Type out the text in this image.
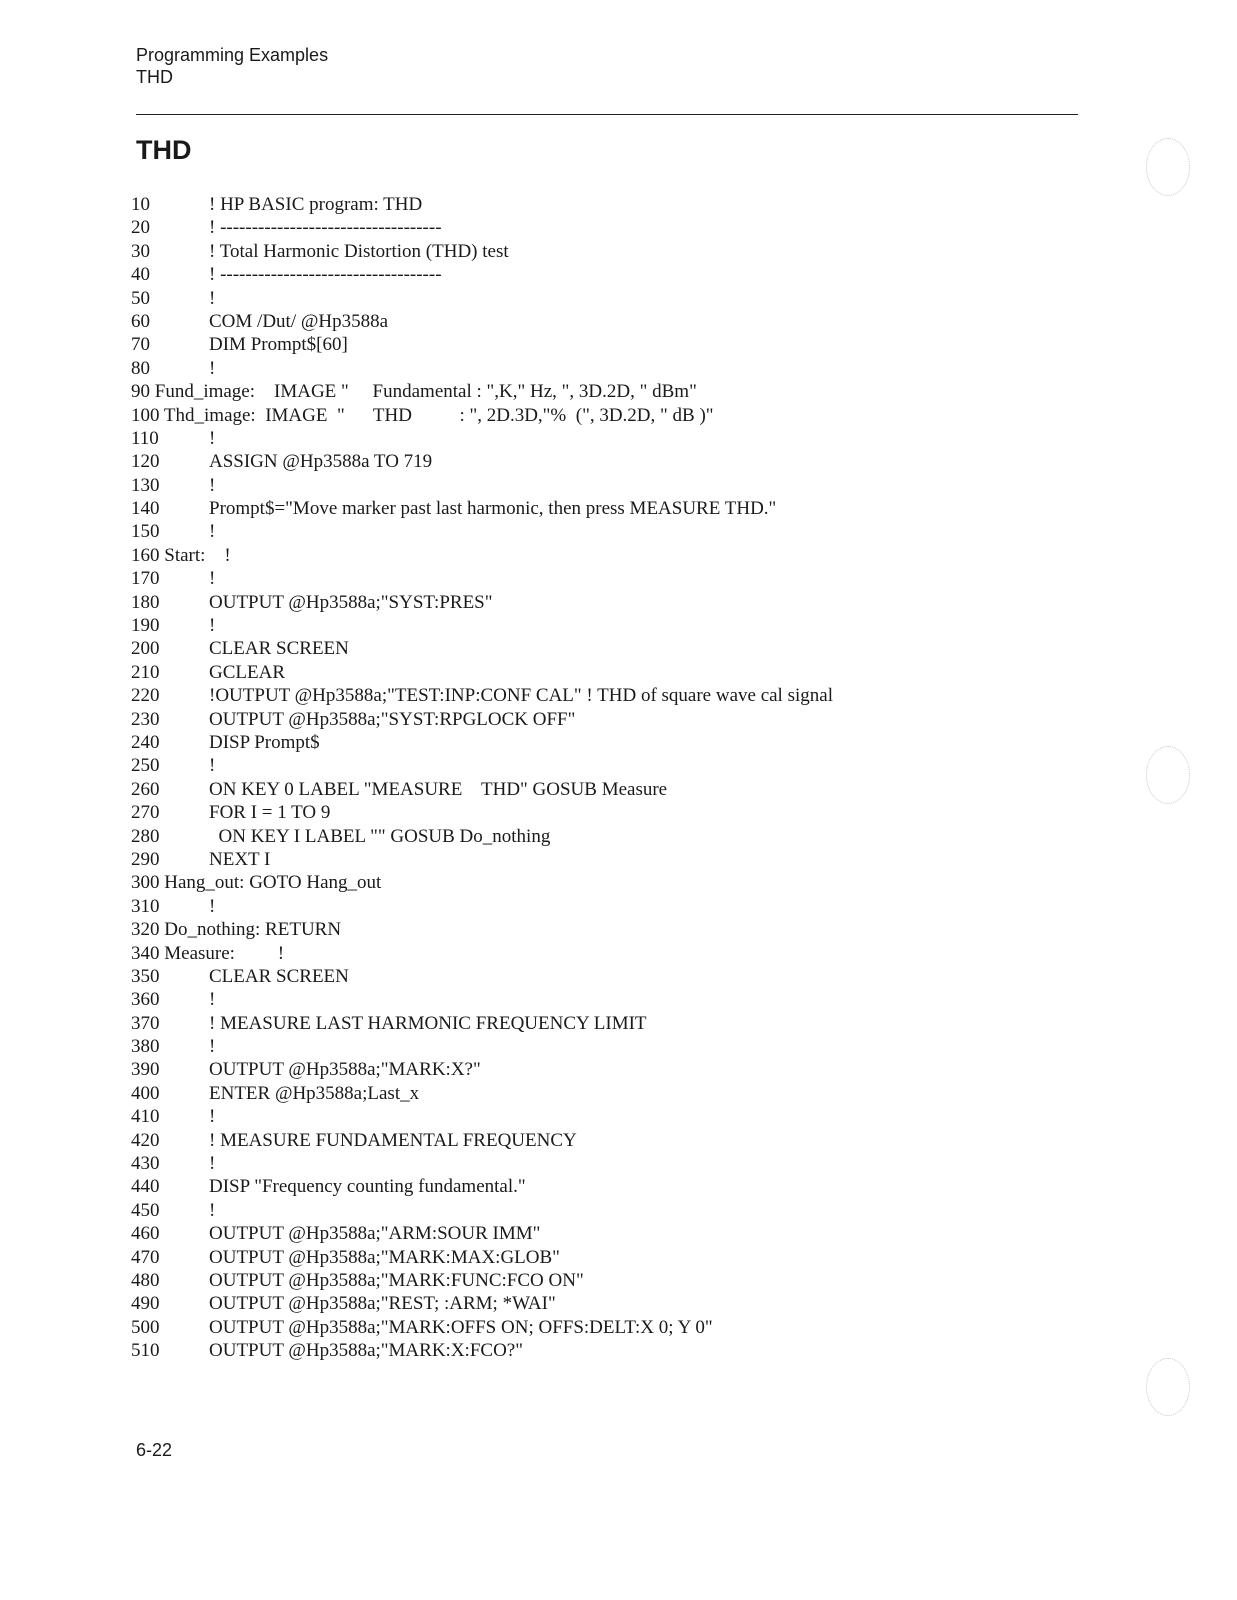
Programming Examples
THD
THD
10	! HP BASIC program: THD
20	! -----------------------------------
30	! Total Harmonic Distortion (THD) test
40	! -----------------------------------
50	!
60	COM /Dut/ @Hp3588a
70	DIM Prompt$[60]
80	!
90 Fund_image:    IMAGE "     Fundamental : ",K," Hz, ", 3D.2D, " dBm"
100 Thd_image:  IMAGE  "      THD          : ", 2D.3D,"%  (", 3D.2D, " dB )"
110	!
120	ASSIGN @Hp3588a TO 719
130	!
140	Prompt$="Move marker past last harmonic, then press MEASURE THD."
150	!
160 Start:    !
170	!
180	OUTPUT @Hp3588a;"SYST:PRES"
190	!
200	CLEAR SCREEN
210	GCLEAR
220	!OUTPUT @Hp3588a;"TEST:INP:CONF CAL" ! THD of square wave cal signal
230	OUTPUT @Hp3588a;"SYST:RPGLOCK OFF"
240	DISP Prompt$
250	!
260	ON KEY 0 LABEL "MEASURE    THD" GOSUB Measure
270	FOR I = 1 TO 9
280	ON KEY I LABEL "" GOSUB Do_nothing
290	NEXT I
300 Hang_out: GOTO Hang_out
310	!
320 Do_nothing: RETURN
340 Measure:         !
350	CLEAR SCREEN
360	!
370	! MEASURE LAST HARMONIC FREQUENCY LIMIT
380	!
390	OUTPUT @Hp3588a;"MARK:X?"
400	ENTER @Hp3588a;Last_x
410	!
420	! MEASURE FUNDAMENTAL FREQUENCY
430	!
440	DISP "Frequency counting fundamental."
450	!
460	OUTPUT @Hp3588a;"ARM:SOUR IMM"
470	OUTPUT @Hp3588a;"MARK:MAX:GLOB"
480	OUTPUT @Hp3588a;"MARK:FUNC:FCO ON"
490	OUTPUT @Hp3588a;"REST; :ARM; *WAI"
500	OUTPUT @Hp3588a;"MARK:OFFS ON; OFFS:DELT:X 0; Y 0"
510	OUTPUT @Hp3588a;"MARK:X:FCO?"
6-22
